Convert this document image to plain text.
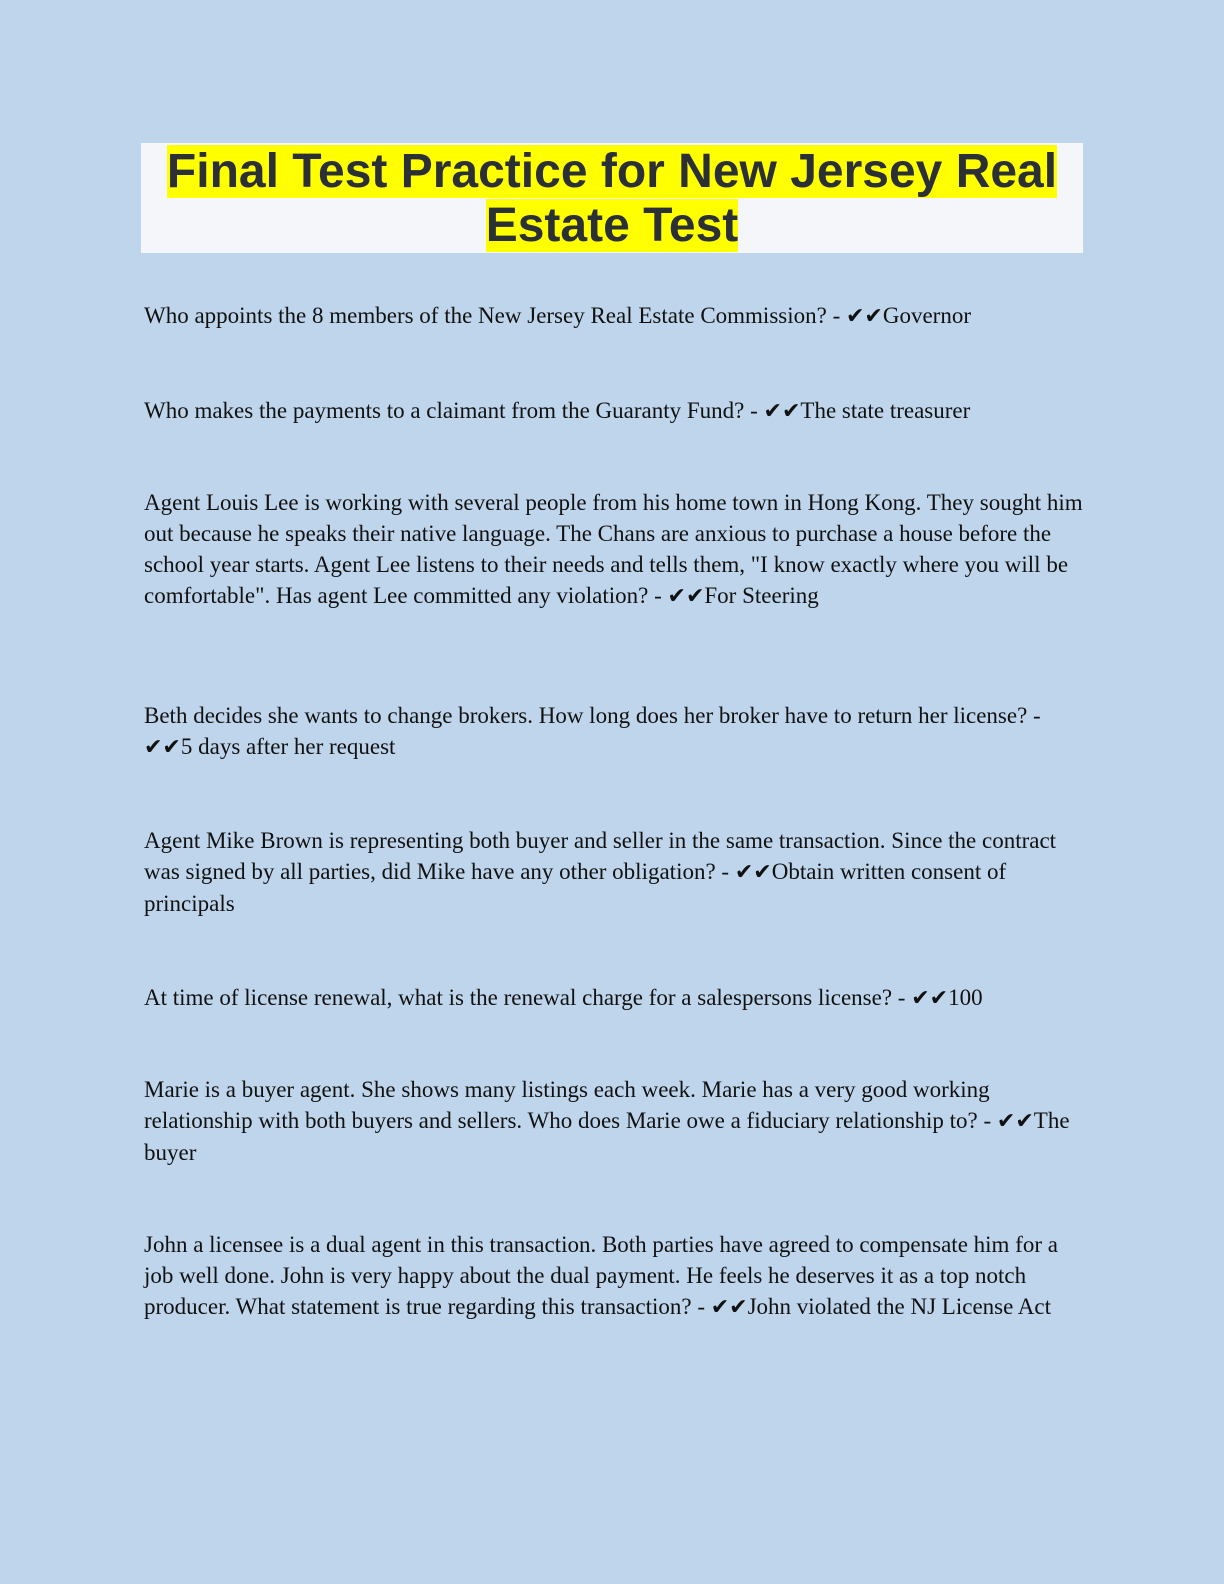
Final Test Practice for New Jersey Real
Estate Test

Who appoints the 8 members of the New Jersey Real Estate Commission? - ✔✔Governor

Who makes the payments to a claimant from the Guaranty Fund? - ✔✔The state treasurer

Agent Louis Lee is working with several people from his home town in Hong Kong. They sought him out because he speaks their native language. The Chans are anxious to purchase a house before the school year starts. Agent Lee listens to their needs and tells them, "I know exactly where you will be comfortable". Has agent Lee committed any violation? - ✔✔For Steering

Beth decides she wants to change brokers. How long does her broker have to return her license? - ✔✔5 days after her request

Agent Mike Brown is representing both buyer and seller in the same transaction. Since the contract was signed by all parties, did Mike have any other obligation? - ✔✔Obtain written consent of principals

At time of license renewal, what is the renewal charge for a salespersons license? - ✔✔100

Marie is a buyer agent. She shows many listings each week. Marie has a very good working relationship with both buyers and sellers. Who does Marie owe a fiduciary relationship to? - ✔✔The buyer

John a licensee is a dual agent in this transaction. Both parties have agreed to compensate him for a job well done. John is very happy about the dual payment. He feels he deserves it as a top notch producer. What statement is true regarding this transaction? - ✔✔John violated the NJ License Act
